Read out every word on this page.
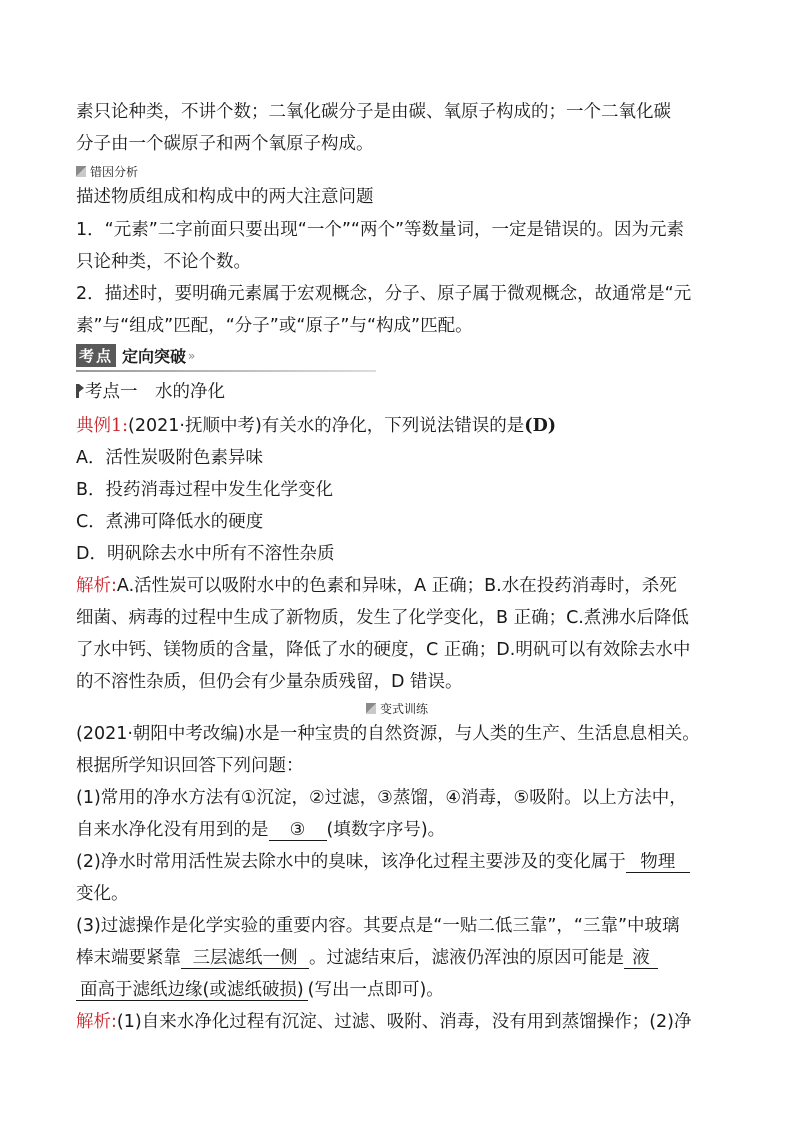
素只论种类，不讲个数；二氧化碳分子是由碳、氧原子构成的；一个二氧化碳
分子由一个碳原子和两个氧原子构成。
错因分析
描述物质组成和构成中的两大注意问题
1．“元素”二字前面只要出现“一个”“两个”等数量词，一定是错误的。因为元素
只论种类，不论个数。
2．描述时，要明确元素属于宏观概念，分子、原子属于微观概念，故通常是“元
素”与“组成”匹配，“分子”或“原子”与“构成”匹配。
考点 定向突破 »
考点一　水的净化
典例1:(2021·抚顺中考)有关水的净化，下列说法错误的是(D)
A．活性炭吸附色素异味
B．投药消毒过程中发生化学变化
C．煮沸可降低水的硬度
D．明矾除去水中所有不溶性杂质
解析:A.活性炭可以吸附水中的色素和异味，A 正确；B.水在投药消毒时，杀死
细菌、病毒的过程中生成了新物质，发生了化学变化，B 正确；C.煮沸水后降低
了水中钙、镁物质的含量，降低了水的硬度，C 正确；D.明矾可以有效除去水中
的不溶性杂质，但仍会有少量杂质残留，D 错误。
变式训练
(2021·朝阳中考改编)水是一种宝贵的自然资源，与人类的生产、生活息息相关。
根据所学知识回答下列问题：
(1)常用的净水方法有①沉淀，②过滤，③蒸馏，④消毒，⑤吸附。以上方法中，
自来水净化没有用到的是 ③ (填数字序号)。
(2)净水时常用活性炭去除水中的臭味，该净化过程主要涉及的变化属于 物理
变化。
(3)过滤操作是化学实验的重要内容。其要点是“一贴二低三靠”，“三靠”中玻璃
棒末端要紧靠 三层滤纸一侧 。过滤结束后，滤液仍浑浊的原因可能是 液
面高于滤纸边缘(或滤纸破损) (写出一点即可)。
解析:(1)自来水净化过程有沉淀、过滤、吸附、消毒，没有用到蒸馏操作；(2)净
